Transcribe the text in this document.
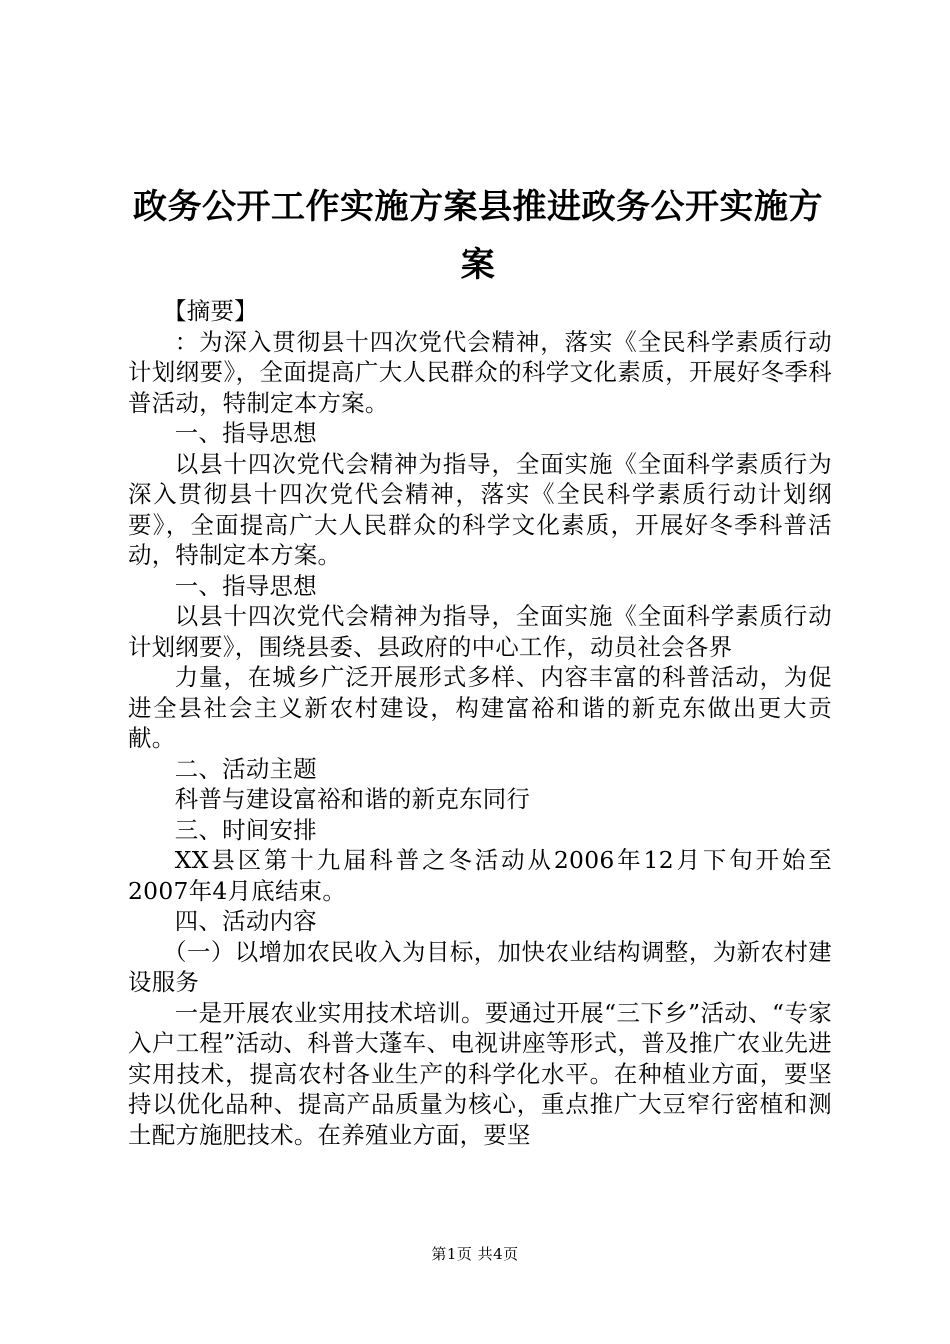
政务公开工作实施方案县推进政务公开实施方案

【摘要】

：为深入贯彻县十四次党代会精神，落实《全民科学素质行动计划纲要》，全面提高广大人民群众的科学文化素质，开展好冬季科普活动，特制定本方案。

一、指导思想

以县十四次党代会精神为指导，全面实施《全面科学素质行为深入贯彻县十四次党代会精神，落实《全民科学素质行动计划纲要》，全面提高广大人民群众的科学文化素质，开展好冬季科普活动，特制定本方案。

一、指导思想

以县十四次党代会精神为指导，全面实施《全面科学素质行动计划纲要》，围绕县委、县政府的中心工作，动员社会各界

力量，在城乡广泛开展形式多样、内容丰富的科普活动，为促进全县社会主义新农村建设，构建富裕和谐的新克东做出更大贡献。

二、活动主题

科普与建设富裕和谐的新克东同行

三、时间安排

XX县区第十九届科普之冬活动从2006年12月下旬开始至2007年4月底结束。

四、活动内容

（一）以增加农民收入为目标，加快农业结构调整，为新农村建设服务

一是开展农业实用技术培训。要通过开展“三下乡”活动、“专家入户工程”活动、科普大蓬车、电视讲座等形式，普及推广农业先进实用技术，提高农村各业生产的科学化水平。在种植业方面，要坚持以优化品种、提高产品质量为核心，重点推广大豆窄行密植和测土配方施肥技术。在养殖业方面，要坚

第1页 共4页
